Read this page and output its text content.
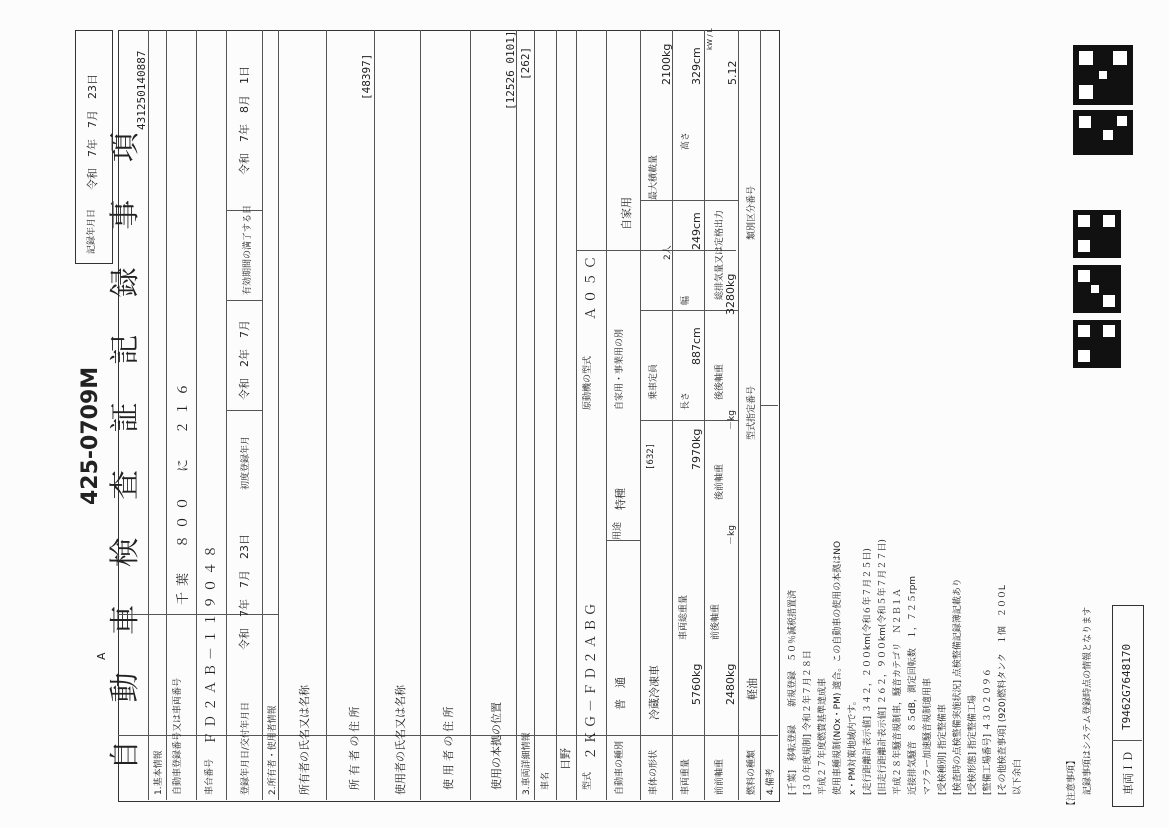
自 動 車 検 査 証 記 録 事 項
A
425-0709M
記録年月日
令和　7年　7月　23日	431250140887
1.基本情報	自動車登録番号又は車両番号
千葉　８００　に　２１６
車台番号
ＦＤ２ＡＢ－１１９０４８
登録年月日/交付年月日
令和　7年　7月　23日
初度登録年月
令和　2年　7月
有効期間の満了する日
令和　7年　8月　1日
2.所有者・使用者情報 所有者の氏名又は名称	所 有 者 の 住 所
[48397]
使用者の氏名又は名称	使 用 者 の 住 所	使用の本拠の位置
[12526 0101]
3.車両詳細情報
[262]
車名
日野
型式
２ＫＧ－ＦＤ２ＡＢＧ
原動機の型式
Ａ０５Ｃ
自動車の種別
普　通
用途
特種
自家用・事業用の別
自家用
車体の形状
冷蔵冷凍車
[632]
乗車定員
2人
最大積載量
2100kg
車両重量
5760kg
車両総重量
7970kg
長さ
887cm
幅
249cm
高さ
329cm
前前軸重
2480kg
前後軸重
－kg
後前軸重
－kg
後後軸重
3280kg
総排気量又は定格出力
5.12
kW / L
燃料の種類
軽油
型式指定番号
類別区分番号
4.備考	[千葉]　移転登録　　新規登録　５０％減税措置済 [３０年度規制] 令和２年７月２８日 平成２７年度燃費基準達成車 使用車種規制(NOx・PM) 適合。この自動車の使用の本拠はNO x・PM対策地域内です。 [走行距離計表示値] ３４２，２００km(令和６年７月２５日) [旧走行距離計表示値] ２６２，９００km(令和５年７月２７日) 平成２８年騒音規制車，騒音カテゴリ　Ｎ２Ｂ１Ａ 近接排気騒音　８５dB，測定回転数　１，７２５rpm マフラー加速騒音規制適用車 [受検種別] 指定整備車 [検査時の点検整備実施状況] 点検整備記録簿記載あり [受検形態] 指定整備工場 [整備工場番号] ４３０２０９６ [その他検査事項] (920)燃料タンク　１個　２００L 以下余白	【注意事項】 記録事項はシステム登録時点の情報となります	車両ＩＤ
T9462G7648170
